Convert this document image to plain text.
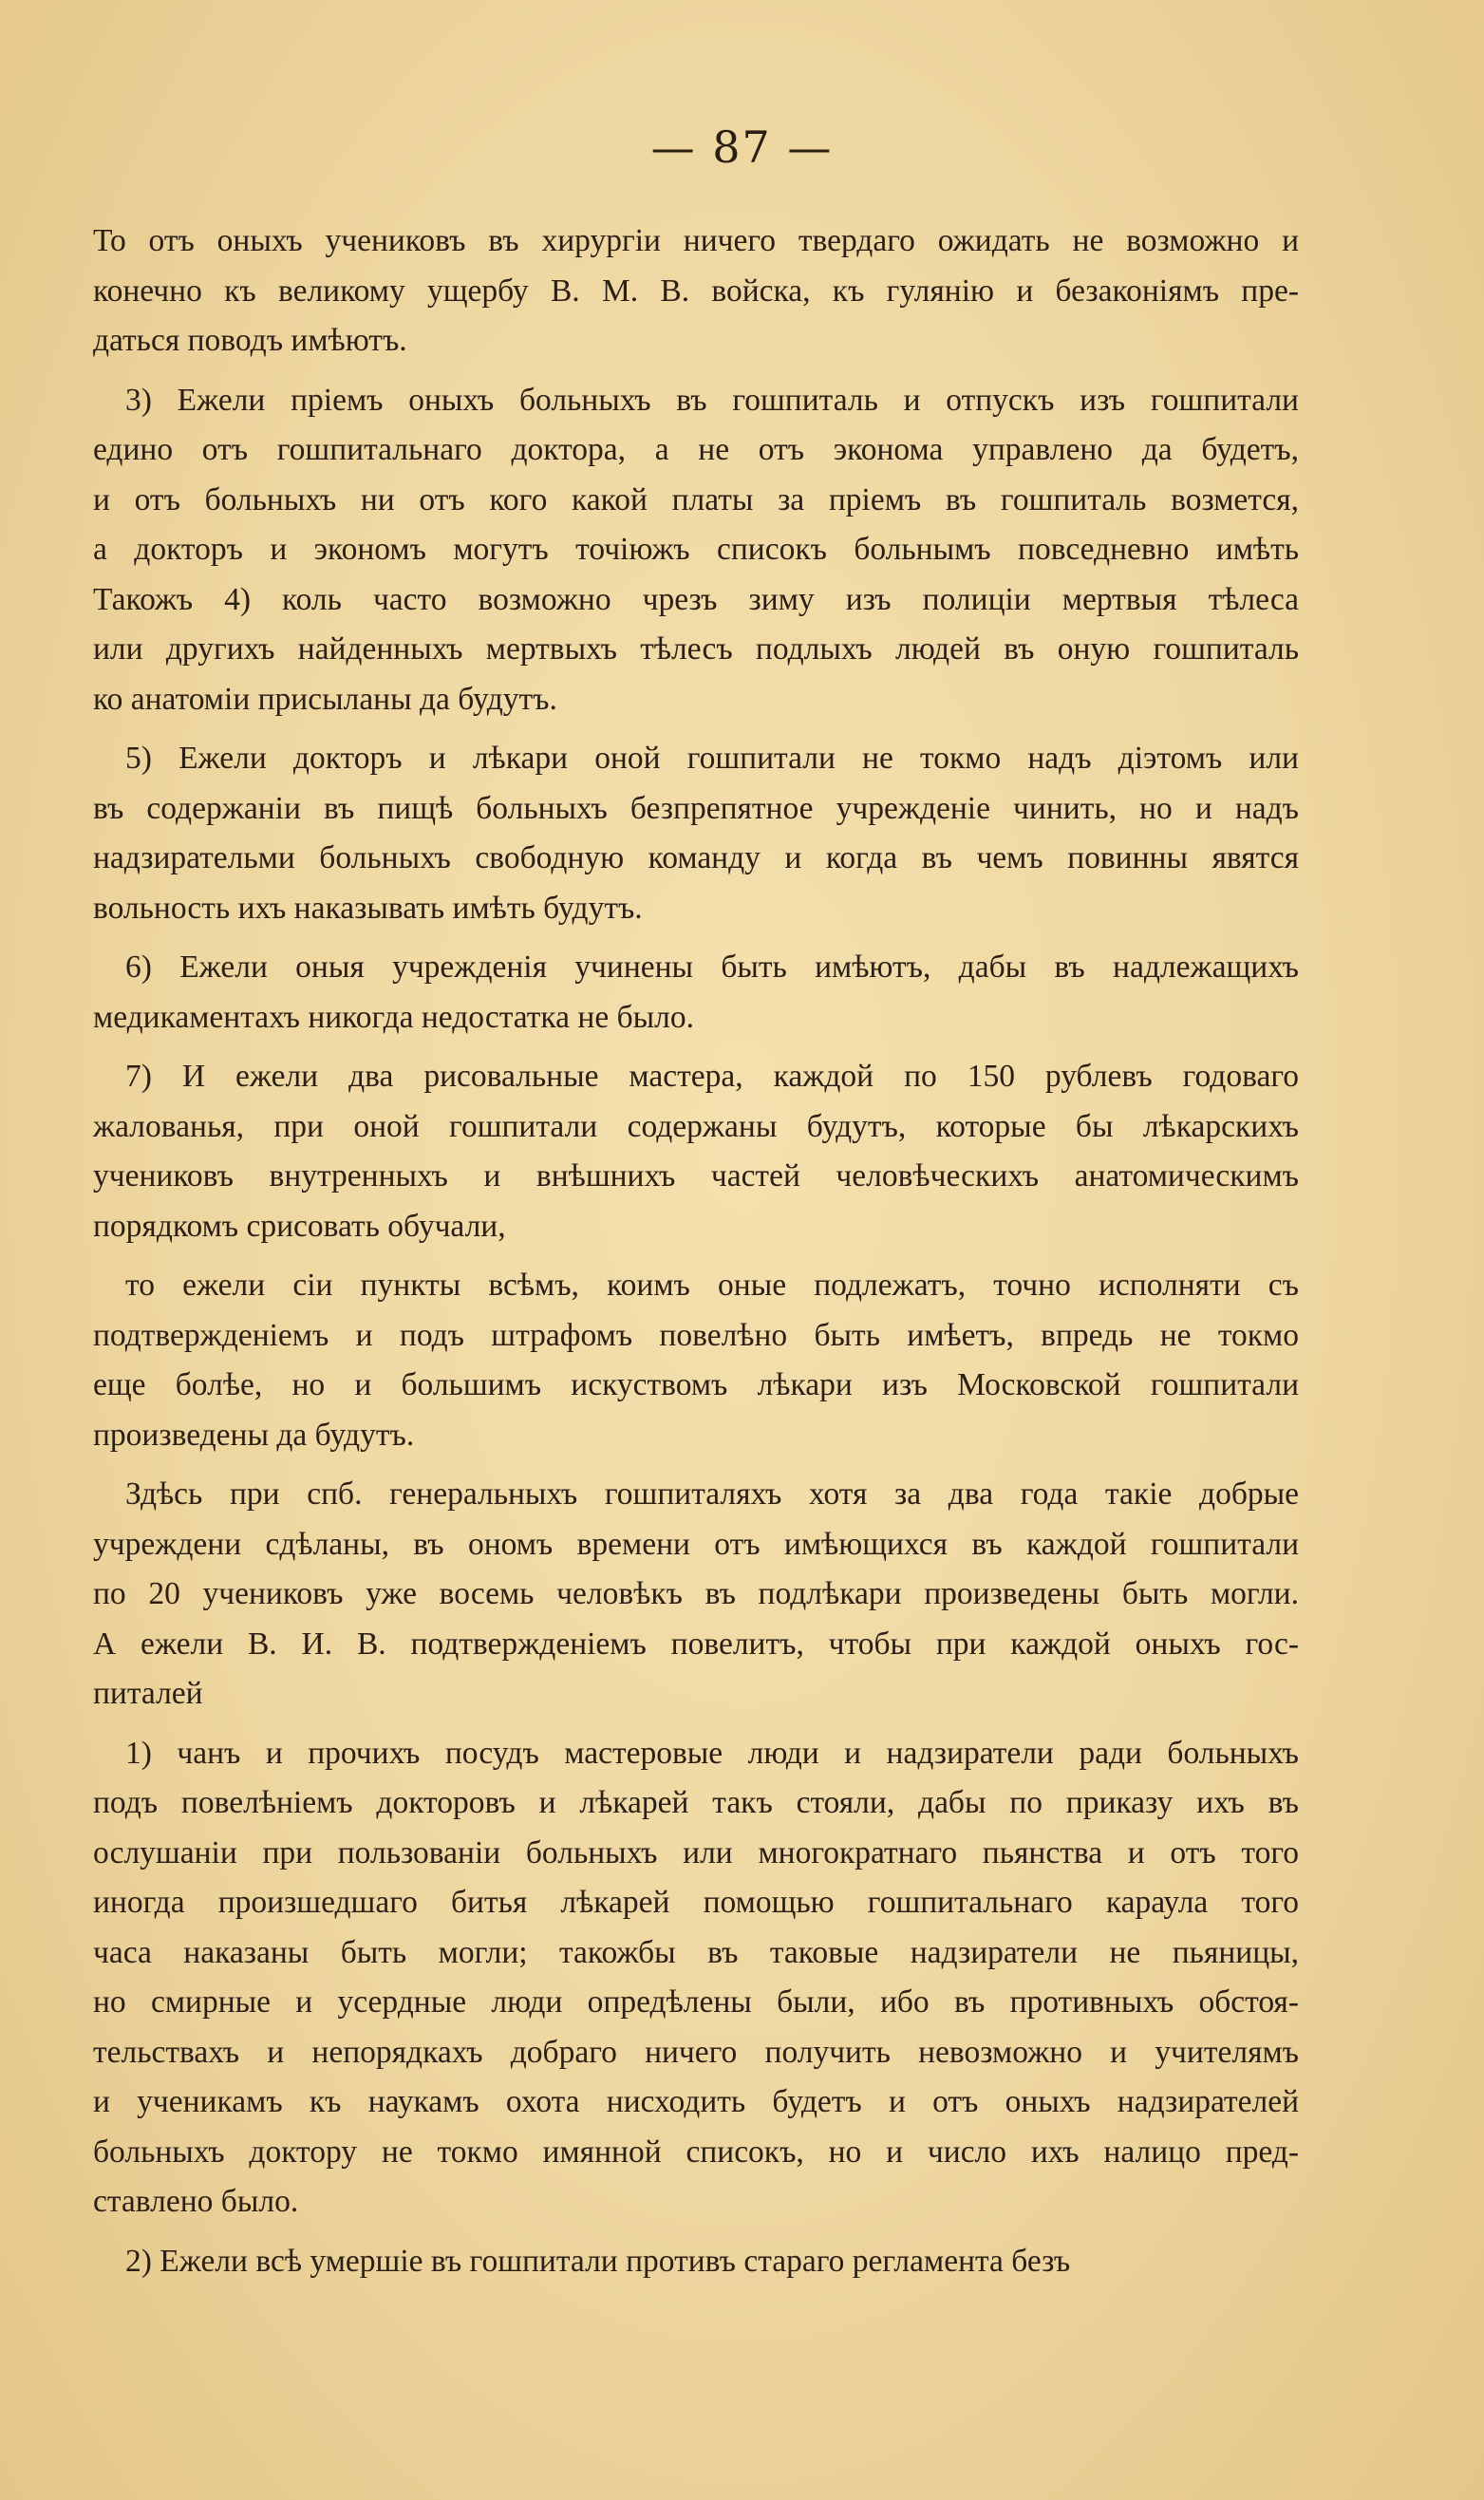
— 87 —
То отъ оныхъ учениковъ въ хирургіи ничего твердаго ожидать не возможно и
конечно къ великому ущербу В. М. В. войска, къ гулянію и безаконіямъ пре-
даться поводъ имѣютъ.
3) Ежели пріемъ оныхъ больныхъ въ гошпиталь и отпускъ изъ гошпитали
едино отъ гошпитальнаго доктора, а не отъ эконома управлено да будетъ,
и отъ больныхъ ни отъ кого какой платы за пріемъ въ гошпиталь возмется,
а докторъ и экономъ могутъ точіюжъ списокъ больнымъ повседневно имѣть
Такожъ 4) коль часто возможно чрезъ зиму изъ полиціи мертвыя тѣлеса
или другихъ найденныхъ мертвыхъ тѣлесъ подлыхъ людей въ оную гошпиталь
ко анатоміи присыланы да будутъ.
5) Ежели докторъ и лѣкари оной гошпитали не токмо надъ діэтомъ или
въ содержаніи въ пищѣ больныхъ безпрепятное учрежденіе чинить, но и надъ
надзирательми больныхъ свободную команду и когда въ чемъ повинны явятся
вольность ихъ наказывать имѣть будутъ.
6) Ежели оныя учрежденія учинены быть имѣютъ, дабы въ надлежащихъ
медикаментахъ никогда недостатка не было.
7) И ежели два рисовальные мастера, каждой по 150 рублевъ годоваго
жалованья, при оной гошпитали содержаны будутъ, которые бы лѣкарскихъ
учениковъ внутренныхъ и внѣшнихъ частей человѣческихъ анатомическимъ
порядкомъ срисовать обучали,
то ежели сіи пункты всѣмъ, коимъ оные подлежатъ, точно исполняти съ
подтвержденіемъ и подъ штрафомъ повелѣно быть имѣетъ, впредь не токмо
еще болѣе, но и большимъ искуствомъ лѣкари изъ Московской гошпитали
произведены да будутъ.
Здѣсь при спб. генеральныхъ гошпиталяхъ хотя за два года такіе добрые
учреждени сдѣланы, въ ономъ времени отъ имѣющихся въ каждой гошпитали
по 20 учениковъ уже восемь человѣкъ въ подлѣкари произведены быть могли.
А ежели В. И. В. подтвержденіемъ повелитъ, чтобы при каждой оныхъ гос-
питалей
1) чанъ и прочихъ посудъ мастеровые люди и надзиратели ради больныхъ
подъ повелѣніемъ докторовъ и лѣкарей такъ стояли, дабы по приказу ихъ въ
ослушаніи при пользованіи больныхъ или многократнаго пьянства и отъ того
иногда произшедшаго битья лѣкарей помощью гошпитальнаго караула того
часа наказаны быть могли; такожбы въ таковые надзиратели не пьяницы,
но смирные и усердные люди опредѣлены были, ибо въ противныхъ обстоя-
тельствахъ и непорядкахъ добраго ничего получить невозможно и учителямъ
и ученикамъ къ наукамъ охота нисходить будетъ и отъ оныхъ надзирателей
больныхъ доктору не токмо имянной списокъ, но и число ихъ налицо пред-
ставлено было.
2) Ежели всѣ умершіе въ гошпитали противъ стараго регламента безъ
